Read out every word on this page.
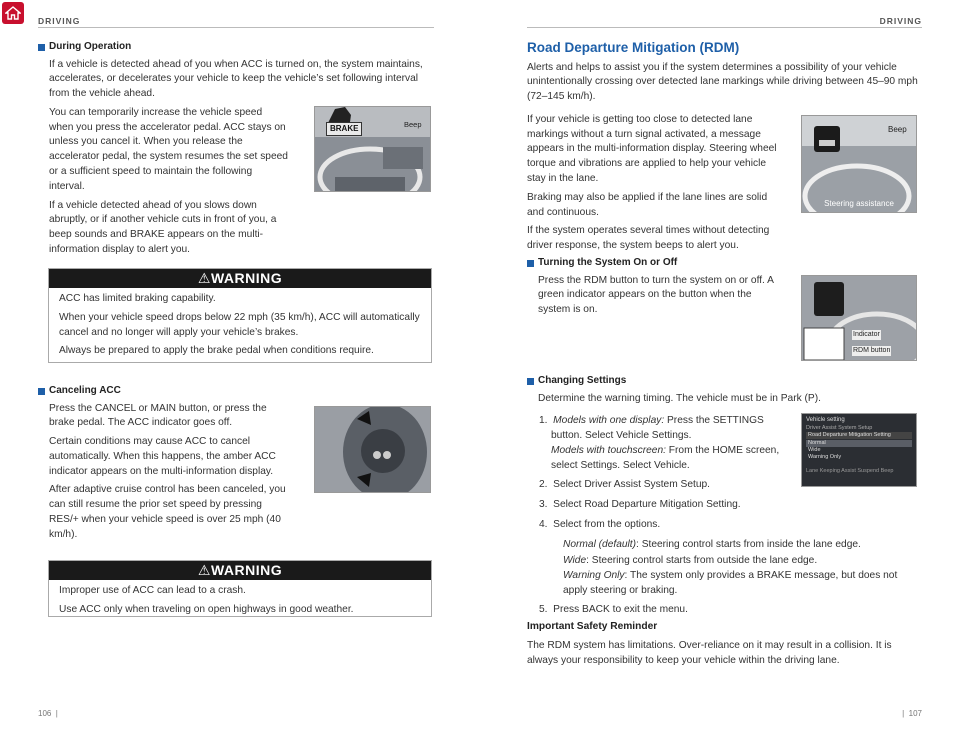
DRIVING	DRIVING
During Operation

If a vehicle is detected ahead of you when ACC is turned on, the system maintains, accelerates, or decelerates your vehicle to keep the vehicle’s set following interval from the vehicle ahead.

You can temporarily increase the vehicle speed when you press the accelerator pedal. ACC stays on unless you cancel it. When you release the accelerator pedal, the system resumes the set speed or a sufficient speed to maintain the following interval.

If a vehicle detected ahead of you slows down abruptly, or if another vehicle cuts in front of you, a beep sounds and BRAKE appears on the multi-information display to alert you.

BRAKE	Beep
⚠WARNING

ACC has limited braking capability.

When your vehicle speed drops below 22 mph (35 km/h), ACC will automatically cancel and no longer will apply your vehicle’s brakes.

Always be prepared to apply the brake pedal when conditions require.

Canceling ACC

Press the CANCEL or MAIN button, or press the brake pedal. The ACC indicator goes off.

Certain conditions may cause ACC to cancel automatically. When this happens, the amber ACC indicator appears on the multi-information display.

After adaptive cruise control has been canceled, you can still resume the prior set speed by pressing RES/+ when your vehicle speed is over 25 mph (40 km/h).

⚠WARNING

Improper use of ACC can lead to a crash.

Use ACC only when traveling on open highways in good weather.

106  |
Road Departure Mitigation (RDM)

Alerts and helps to assist you if the system determines a possibility of your vehicle unintentionally crossing over detected lane markings while driving between 45–90 mph (72–145 km/h).

If your vehicle is getting too close to detected lane markings without a turn signal activated, a message appears in the multi-information display. Steering wheel torque and vibrations are applied to help your vehicle stay in the lane.

Braking may also be applied if the lane lines are solid and continuous.

If the system operates several times without detecting driver response, the system beeps to alert you.

Beep
Steering assistance
Turning the System On or Off

Press the RDM button to turn the system on or off. A green indicator appears on the button when the system is on.

Indicator
RDM button
Changing Settings

Determine the warning timing. The vehicle must be in Park (P).

1.  Models with one display: Press the SETTINGS button. Select Vehicle Settings.
Models with touchscreen: From the HOME screen, select Settings. Select Vehicle.
2.  Select Driver Assist System Setup.
3.  Select Road Departure Mitigation Setting.
4.  Select from the options.
Normal (default): Steering control starts from inside the lane edge.
Wide: Steering control starts from outside the lane edge.
Warning Only: The system only provides a BRAKE message, but does not apply steering or braking.
5.  Press BACK to exit the menu.
Vehicle setting
Driver Assist System Setup
Road Departure Mitigation Setting
Normal
Wide
Warning Only
Lane Keeping Assist Suspend Beep
Important Safety Reminder

The RDM system has limitations. Over-reliance on it may result in a collision. It is always your responsibility to keep your vehicle within the driving lane.

|  107
